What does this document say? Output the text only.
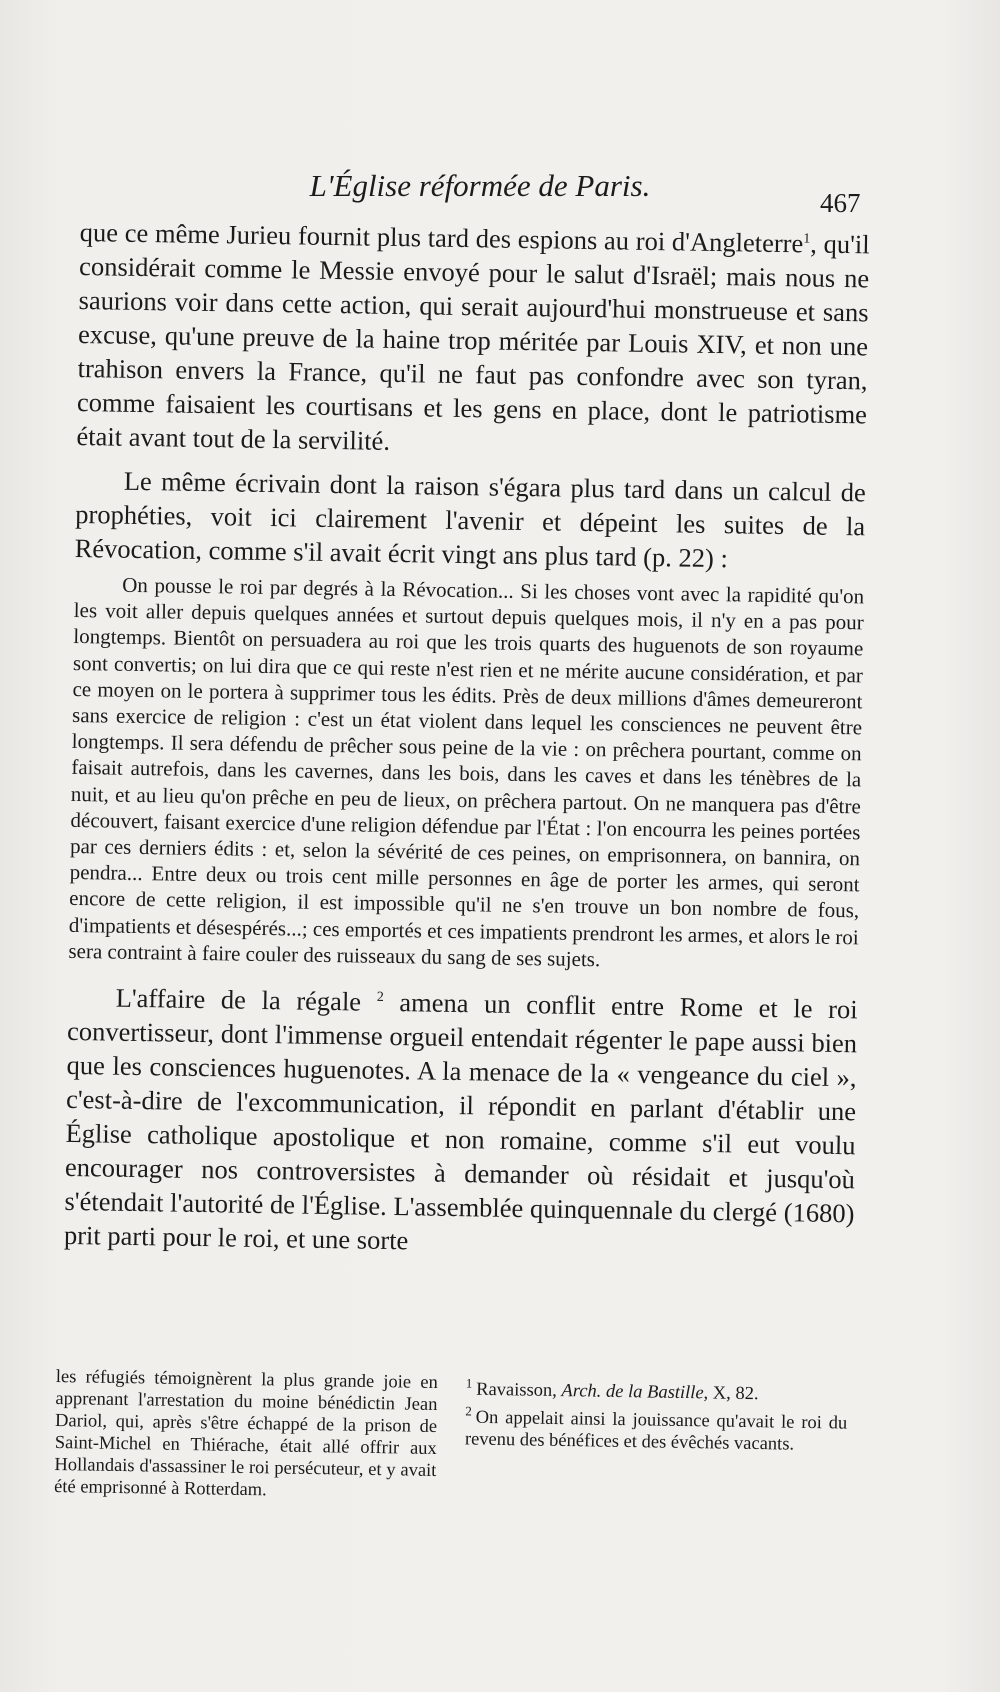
L'Église réformée de Paris.	467

que ce même Jurieu fournit plus tard des espions au roi d'Angleterre$^1$, qu'il considérait comme le Messie envoyé pour le salut d'Israël; mais nous ne saurions voir dans cette action, qui serait aujourd'hui monstrueuse et sans excuse, qu'une preuve de la haine trop méritée par Louis XIV, et non une trahison envers la France, qu'il ne faut pas confondre avec son tyran, comme faisaient les courtisans et les gens en place, dont le patriotisme était avant tout de la servilité.

Le même écrivain dont la raison s'égara plus tard dans un calcul de prophéties, voit ici clairement l'avenir et dépeint les suites de la Révocation, comme s'il avait écrit vingt ans plus tard (p. 22) :

On pousse le roi par degrés à la Révocation... Si les choses vont avec la rapidité qu'on les voit aller depuis quelques années et surtout depuis quelques mois, il n'y en a pas pour longtemps. Bientôt on persuadera au roi que les trois quarts des huguenots de son royaume sont convertis; on lui dira que ce qui reste n'est rien et ne mérite aucune considération, et par ce moyen on le portera à supprimer tous les édits. Près de deux millions d'âmes demeureront sans exercice de religion : c'est un état violent dans lequel les consciences ne peuvent être longtemps. Il sera défendu de prêcher sous peine de la vie : on prêchera pourtant, comme on faisait autrefois, dans les cavernes, dans les bois, dans les caves et dans les ténèbres de la nuit, et au lieu qu'on prêche en peu de lieux, on prêchera partout. On ne manquera pas d'être découvert, faisant exercice d'une religion défendue par l'État : l'on encourra les peines portées par ces derniers édits : et, selon la sévérité de ces peines, on emprisonnera, on bannira, on pendra... Entre deux ou trois cent mille personnes en âge de porter les armes, qui seront encore de cette religion, il est impossible qu'il ne s'en trouve un bon nombre de fous, d'impatients et désespérés...; ces emportés et ces impatients prendront les armes, et alors le roi sera contraint à faire couler des ruisseaux du sang de ses sujets.

L'affaire de la régale $^2$ amena un conflit entre Rome et le roi convertisseur, dont l'immense orgueil entendait régenter le pape aussi bien que les consciences huguenotes. A la menace de la « vengeance du ciel », c'est-à-dire de l'excommunication, il répondit en parlant d'établir une Église catholique apostolique et non romaine, comme s'il eut voulu encourager nos controversistes à demander où résidait et jusqu'où s'étendait l'autorité de l'Église. L'assemblée quinquennale du clergé (1680) prit parti pour le roi, et une sorte

les réfugiés témoignèrent la plus grande joie en apprenant l'arrestation du moine bénédictin Jean Dariol, qui, après s'être échappé de la prison de Saint-Michel en Thiérache, était allé offrir aux Hollandais d'assassiner le roi persécuteur, et y avait été emprisonné à Rotterdam.

$^1$ Ravaisson, Arch. de la Bastille, X, 82.

$^2$ On appelait ainsi la jouissance qu'avait le roi du revenu des bénéfices et des évêchés vacants.
